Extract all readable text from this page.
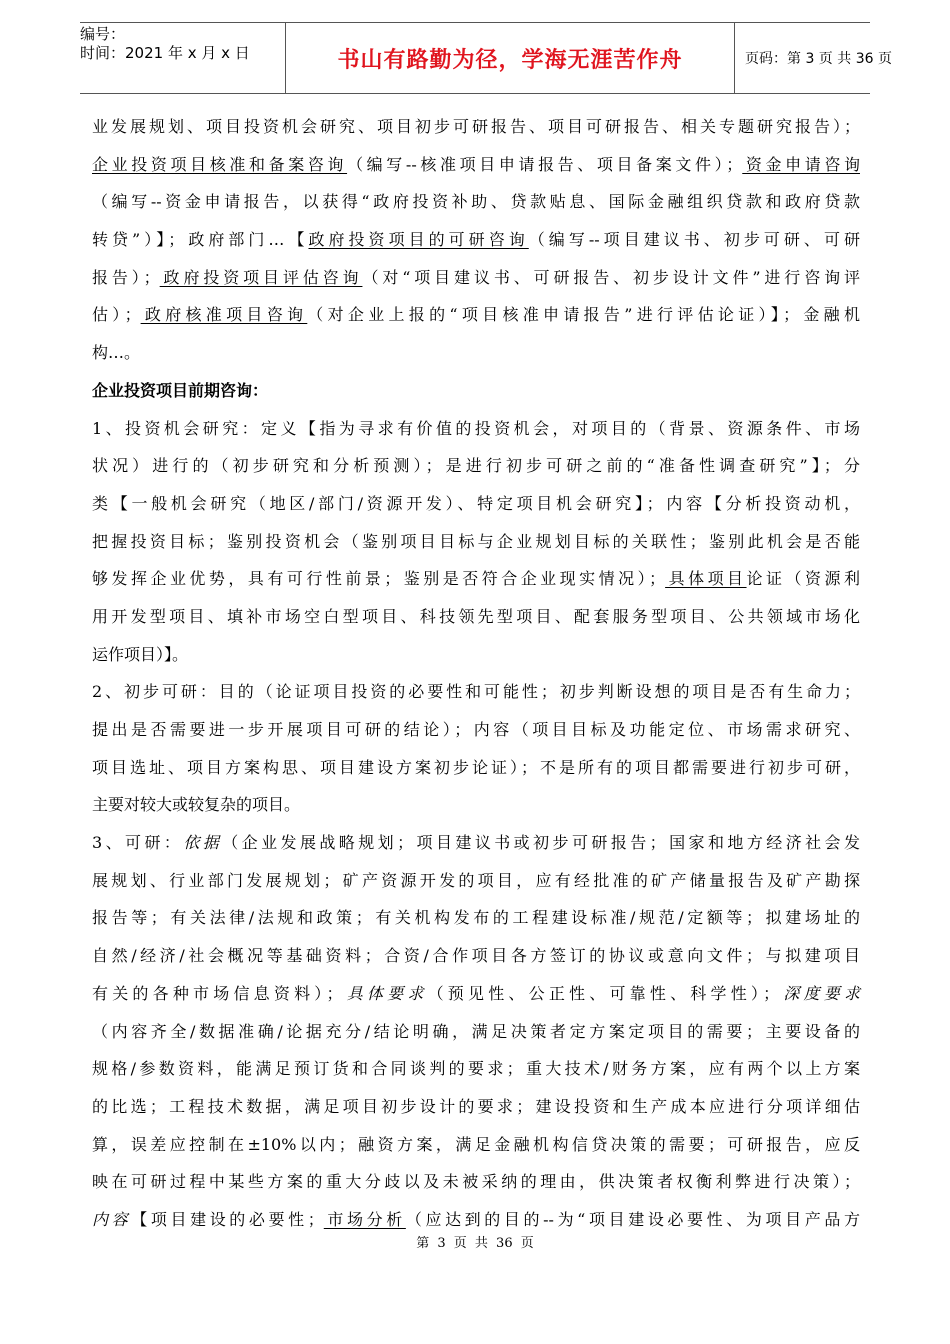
编号：
时间：2021 年 x 月 x 日	书山有路勤为径，学海无涯苦作舟	页码：第 3 页 共 36 页
业发展规划、项目投资机会研究、项目初步可研报告、项目可研报告、相关专题研究报告）；
企业投资项目核准和备案咨询（编写--核准项目申请报告、项目备案文件）；资金申请咨询
（编写--资金申请报告，以获得“政府投资补助、贷款贴息、国际金融组织贷款和政府贷款
转贷”）】；政府部门…【政府投资项目的可研咨询（编写--项目建议书、初步可研、可研
报告）；政府投资项目评估咨询（对“项目建议书、可研报告、初步设计文件”进行咨询评
估）；政府核准项目咨询（对企业上报的“项目核准申请报告”进行评估论证）】；金融机
构…。
企业投资项目前期咨询：
1、投资机会研究：定义【指为寻求有价值的投资机会，对项目的（背景、资源条件、市场
状况）进行的（初步研究和分析预测）；是进行初步可研之前的“准备性调查研究”】；分
类【一般机会研究（地区/部门/资源开发）、特定项目机会研究】；内容【分析投资动机，
把握投资目标；鉴别投资机会（鉴别项目目标与企业规划目标的关联性；鉴别此机会是否能
够发挥企业优势，具有可行性前景；鉴别是否符合企业现实情况）；具体项目论证（资源利
用开发型项目、填补市场空白型项目、科技领先型项目、配套服务型项目、公共领域市场化
运作项目）】。
2、初步可研：目的（论证项目投资的必要性和可能性；初步判断设想的项目是否有生命力；
提出是否需要进一步开展项目可研的结论）；内容（项目目标及功能定位、市场需求研究、
项目选址、项目方案构思、项目建设方案初步论证）；不是所有的项目都需要进行初步可研，
主要对较大或较复杂的项目。
3、可研：依据（企业发展战略规划；项目建议书或初步可研报告；国家和地方经济社会发
展规划、行业部门发展规划；矿产资源开发的项目，应有经批准的矿产储量报告及矿产勘探
报告等；有关法律/法规和政策；有关机构发布的工程建设标准/规范/定额等；拟建场址的
自然/经济/社会概况等基础资料；合资/合作项目各方签订的协议或意向文件；与拟建项目
有关的各种市场信息资料）；具体要求（预见性、公正性、可靠性、科学性）；深度要求
（内容齐全/数据准确/论据充分/结论明确，满足决策者定方案定项目的需要；主要设备的
规格/参数资料，能满足预订货和合同谈判的要求；重大技术/财务方案，应有两个以上方案
的比选；工程技术数据，满足项目初步设计的要求；建设投资和生产成本应进行分项详细估
算，误差应控制在±10%以内；融资方案，满足金融机构信贷决策的需要；可研报告，应反
映在可研过程中某些方案的重大分歧以及未被采纳的理由，供决策者权衡利弊进行决策）；
内容【项目建设的必要性；市场分析（应达到的目的--为“项目建设必要性、为项目产品方
第 3 页 共 36 页
